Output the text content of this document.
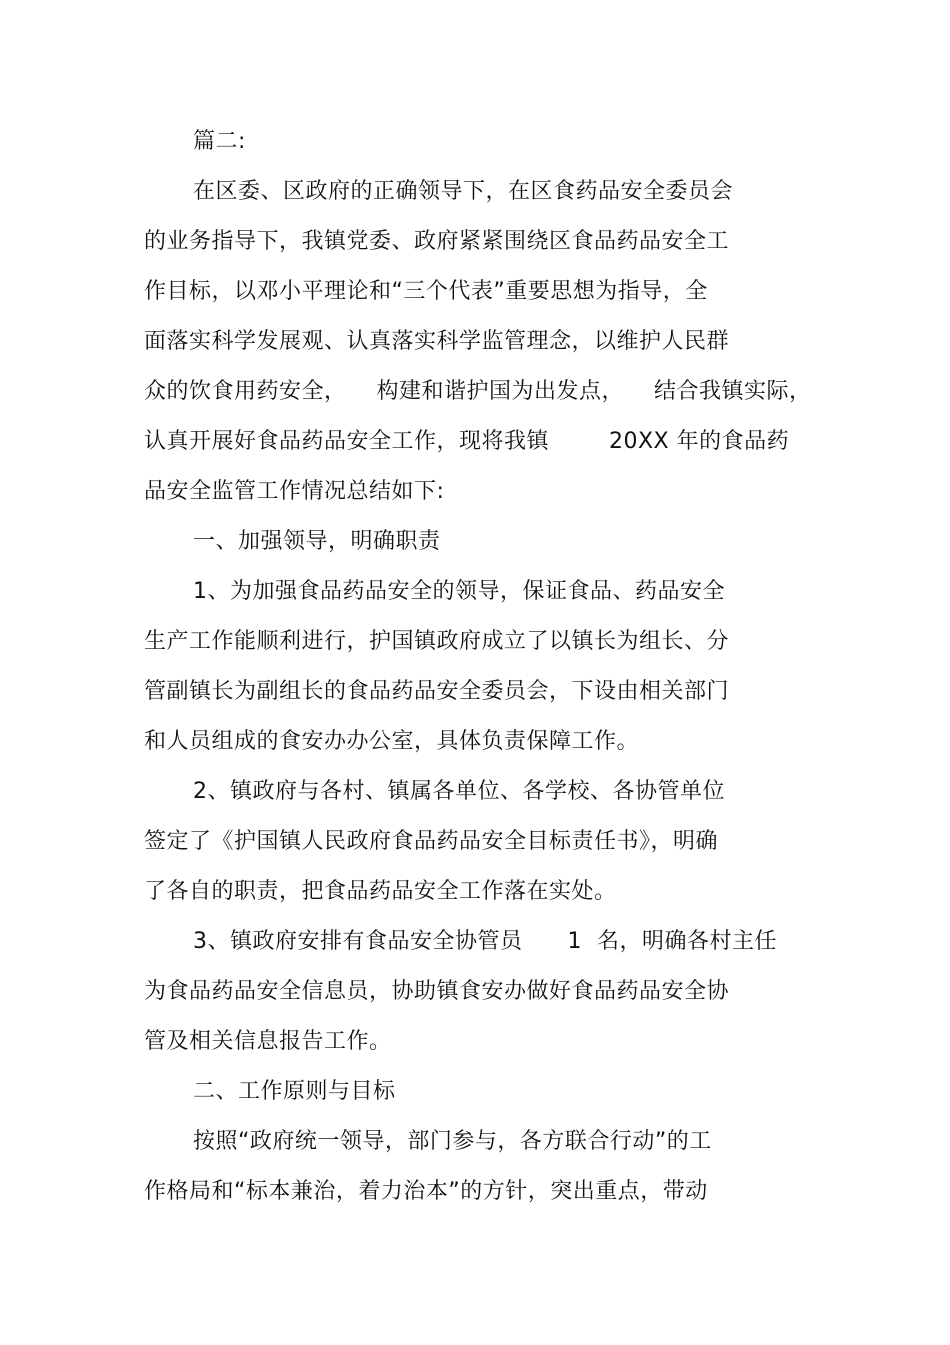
篇二:
在区委、区政府的正确领导下，在区食药品安全委员会
的业务指导下，我镇党委、政府紧紧围绕区食品药品安全工
作目标，以邓小平理论和“三个代表”重要思想为指导，全
面落实科学发展观、认真落实科学监管理念，以维护人民群
众的饮食用药安全，    构建和谐护国为出发点，    结合我镇实际，
认真开展好食品药品安全工作，现将我镇        20XX 年的食品药
品安全监管工作情况总结如下:
一、加强领导，明确职责
1、为加强食品药品安全的领导，保证食品、药品安全
生产工作能顺利进行，护国镇政府成立了以镇长为组长、分
管副镇长为副组长的食品药品安全委员会，下设由相关部门
和人员组成的食安办办公室，具体负责保障工作。
2、镇政府与各村、镇属各单位、各学校、各协管单位
签定了《护国镇人民政府食品药品安全目标责任书》，明确
了各自的职责，把食品药品安全工作落在实处。
3、镇政府安排有食品安全协管员      1  名，明确各村主任
为食品药品安全信息员，协助镇食安办做好食品药品安全协
管及相关信息报告工作。
二、工作原则与目标
按照“政府统一领导，部门参与，各方联合行动”的工
作格局和“标本兼治，着力治本”的方针，突出重点，带动
